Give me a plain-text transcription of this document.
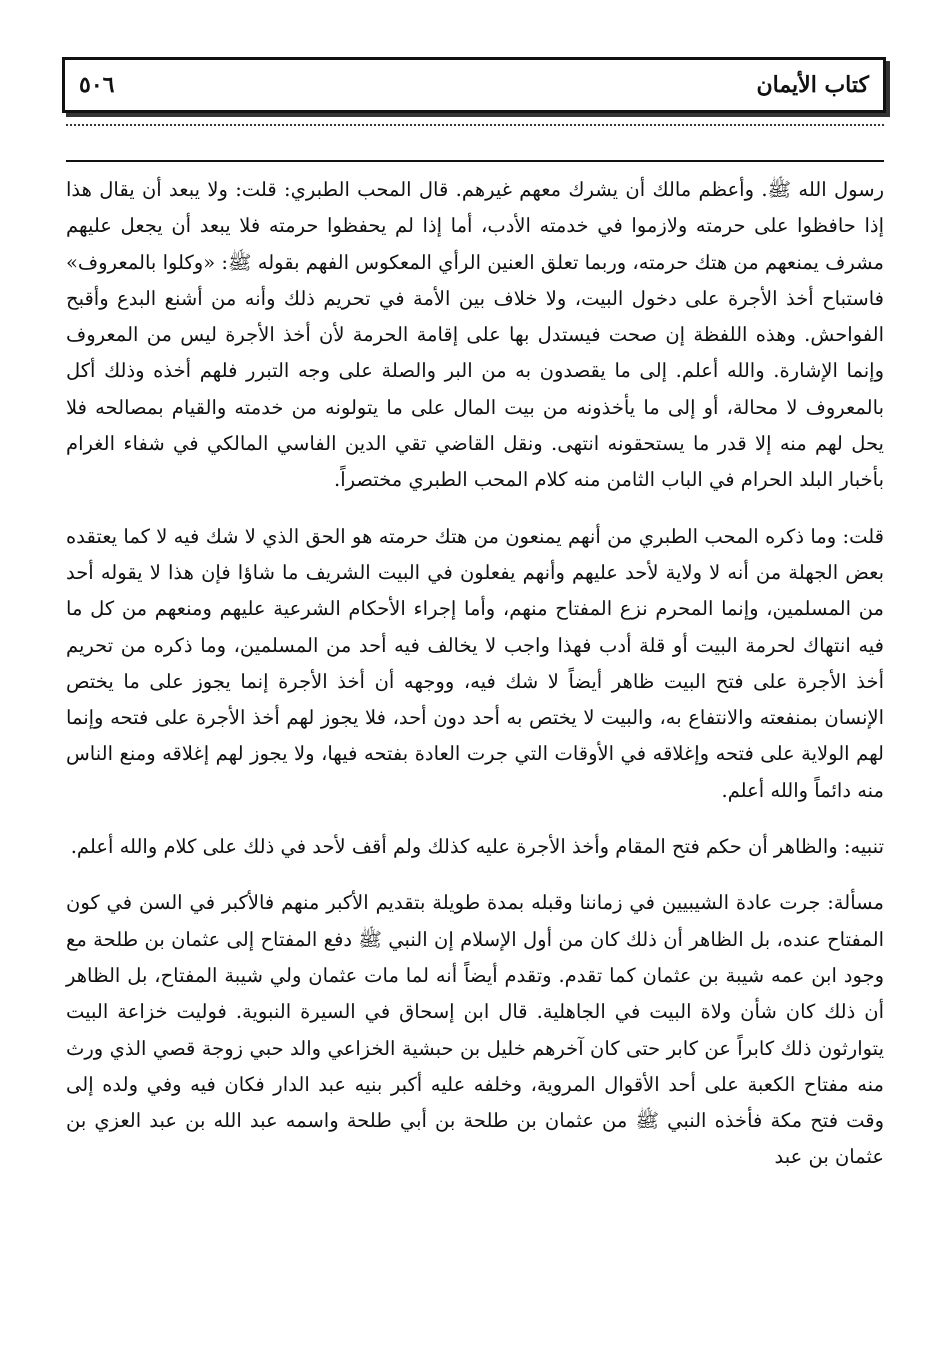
كتاب الأيمان
٥٠٦

رسول الله ﷺ. وأعظم مالك أن يشرك معهم غيرهم. قال المحب الطبري: قلت: ولا يبعد أن يقال هذا إذا حافظوا على حرمته ولازموا في خدمته الأدب، أما إذا لم يحفظوا حرمته فلا يبعد أن يجعل عليهم مشرف يمنعهم من هتك حرمته، وربما تعلق العنين الرأي المعكوس الفهم بقوله ﷺ: «وكلوا بالمعروف» فاستباح أخذ الأجرة على دخول البيت، ولا خلاف بين الأمة في تحريم ذلك وأنه من أشنع البدع وأقبح الفواحش. وهذه اللفظة إن صحت فيستدل بها على إقامة الحرمة لأن أخذ الأجرة ليس من المعروف وإنما الإشارة. والله أعلم. إلى ما يقصدون به من البر والصلة على وجه التبرر فلهم أخذه وذلك أكل بالمعروف لا محالة، أو إلى ما يأخذونه من بيت المال على ما يتولونه من خدمته والقيام بمصالحه فلا يحل لهم منه إلا قدر ما يستحقونه انتهى. ونقل القاضي تقي الدين الفاسي المالكي في شفاء الغرام بأخبار البلد الحرام في الباب الثامن منه كلام المحب الطبري مختصراً.

قلت: وما ذكره المحب الطبري من أنهم يمنعون من هتك حرمته هو الحق الذي لا شك فيه لا كما يعتقده بعض الجهلة من أنه لا ولاية لأحد عليهم وأنهم يفعلون في البيت الشريف ما شاؤا فإن هذا لا يقوله أحد من المسلمين، وإنما المحرم نزع المفتاح منهم، وأما إجراء الأحكام الشرعية عليهم ومنعهم من كل ما فيه انتهاك لحرمة البيت أو قلة أدب فهذا واجب لا يخالف فيه أحد من المسلمين، وما ذكره من تحريم أخذ الأجرة على فتح البيت ظاهر أيضاً لا شك فيه، ووجهه أن أخذ الأجرة إنما يجوز على ما يختص الإنسان بمنفعته والانتفاع به، والبيت لا يختص به أحد دون أحد، فلا يجوز لهم أخذ الأجرة على فتحه وإنما لهم الولاية على فتحه وإغلاقه في الأوقات التي جرت العادة بفتحه فيها، ولا يجوز لهم إغلاقه ومنع الناس منه دائماً والله أعلم.

تنبيه: والظاهر أن حكم فتح المقام وأخذ الأجرة عليه كذلك ولم أقف لأحد في ذلك على كلام والله أعلم.

مسألة: جرت عادة الشيبيين في زماننا وقبله بمدة طويلة بتقديم الأكبر منهم فالأكبر في السن في كون المفتاح عنده، بل الظاهر أن ذلك كان من أول الإسلام إن النبي ﷺ دفع المفتاح إلى عثمان بن طلحة مع وجود ابن عمه شيبة بن عثمان كما تقدم. وتقدم أيضاً أنه لما مات عثمان ولي شيبة المفتاح، بل الظاهر أن ذلك كان شأن ولاة البيت في الجاهلية. قال ابن إسحاق في السيرة النبوية. فوليت خزاعة البيت يتوارثون ذلك كابراً عن كابر حتى كان آخرهم خليل بن حبشية الخزاعي والد حبي زوجة قصي الذي ورث منه مفتاح الكعبة على أحد الأقوال المروية، وخلفه عليه أكبر بنيه عبد الدار فكان فيه وفي ولده إلى وقت فتح مكة فأخذه النبي ﷺ من عثمان بن طلحة بن أبي طلحة واسمه عبد الله بن عبد العزي بن عثمان بن عبد
